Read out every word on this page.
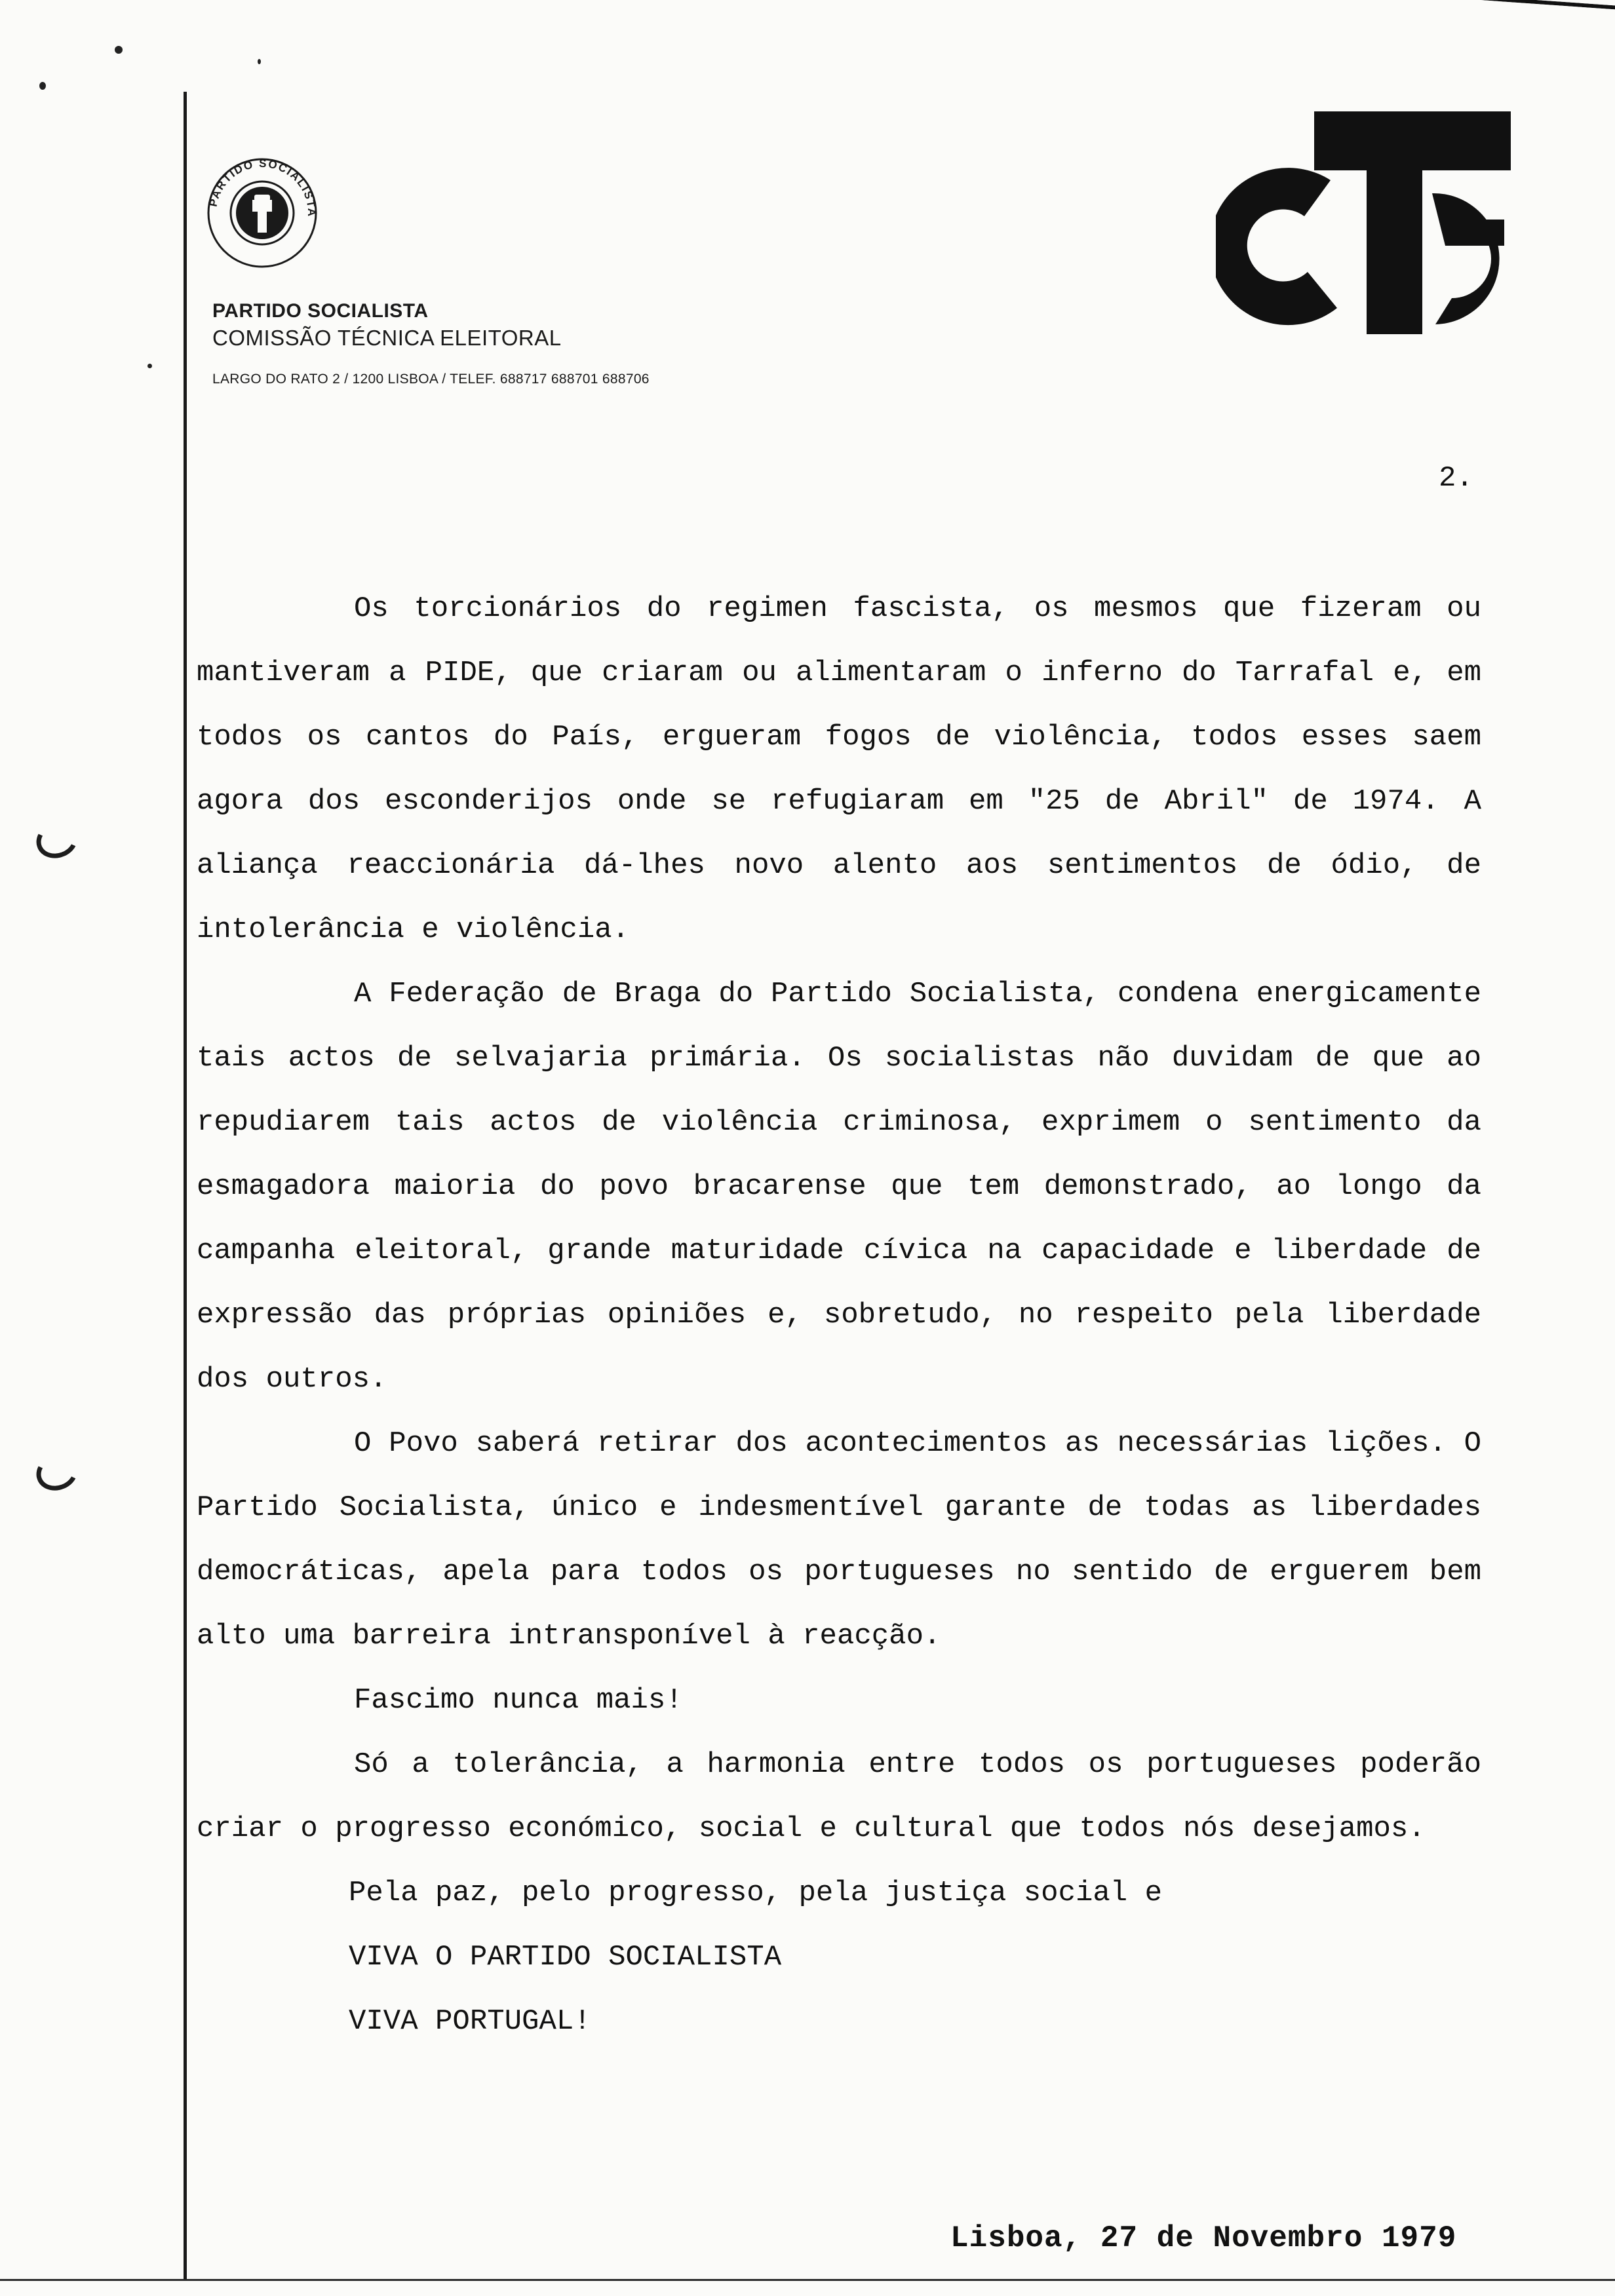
PARTIDO SOCIALISTA
PARTIDO SOCIALISTA
COMISSÃO TÉCNICA ELEITORAL
LARGO DO RATO 2 / 1200 LISBOA / TELEF. 688717 688701 688706
2.

Os torcionários do regimen fascista, os mesmos que fizeram ou mantiveram a PIDE, que criaram ou alimentaram o inferno do Tarrafal e, em todos os cantos do País, ergueram fogos de violência, todos esses saem agora dos esconderijos onde se refugiaram em "25 de Abril" de 1974. A aliança reaccionária dá-lhes novo alento aos sentimentos de ódio, de intolerância e violência.

A Federação de Braga do Partido Socialista, condena energicamente tais actos de selvajaria primária. Os socialistas não duvidam de que ao repudiarem tais actos de violência criminosa, exprimem o sentimento da esmagadora maioria do povo bracarense que tem demonstrado, ao longo da campanha eleitoral, grande maturidade cívica na capacidade e liberdade de expressão das próprias opiniões e, sobretudo, no respeito pela liberdade dos outros.

O Povo saberá retirar dos acontecimentos as necessárias lições. O Partido Socialista, único e indesmentível garante de todas as liberdades democráticas, apela para todos os portugueses no sentido de erguerem bem alto uma barreira intransponível à reacção.

Fascimo nunca mais!

Só a tolerância, a harmonia entre todos os portugueses poderão criar o progresso económico, social e cultural que todos nós desejamos.

Pela paz, pelo progresso, pela justiça social e

VIVA O PARTIDO SOCIALISTA

VIVA PORTUGAL!

Lisboa, 27 de Novembro 1979
